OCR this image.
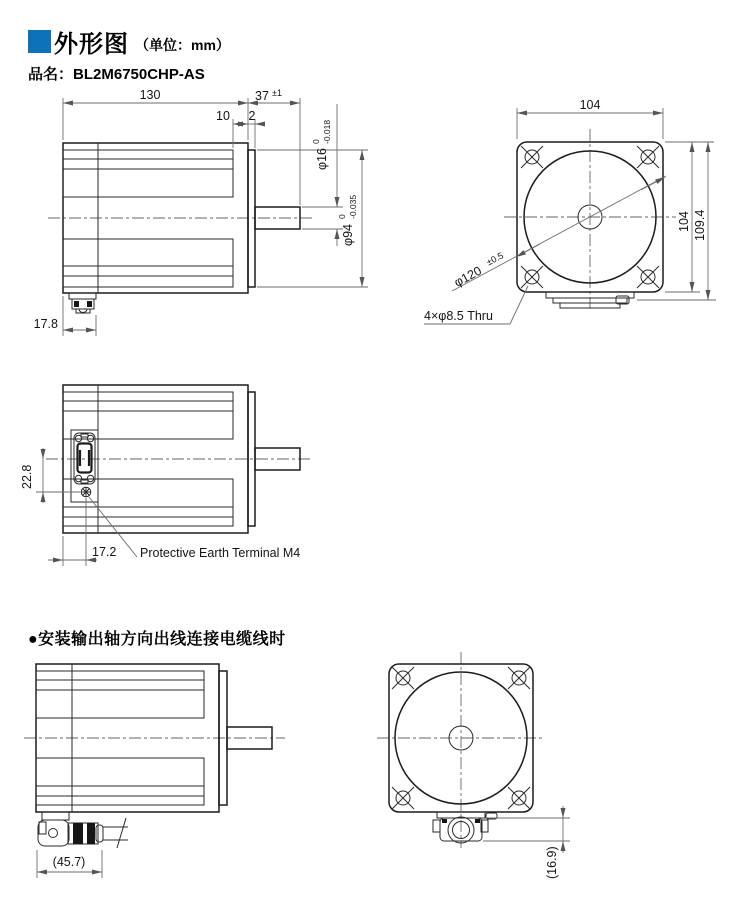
外形图 （单位：mm）
品名：BL2M6750CHP-AS
●安装输出轴方向出线连接电缆线时
130	37 ±1
10 2
φ16
0 -0.018
φ94
0 -0.035
17.8
104
φ120
±0.5
4×φ8.5 Thru
104 109.4
22.8
17.2 Protective Earth Terminal M4
(45.7)	(16.9)
